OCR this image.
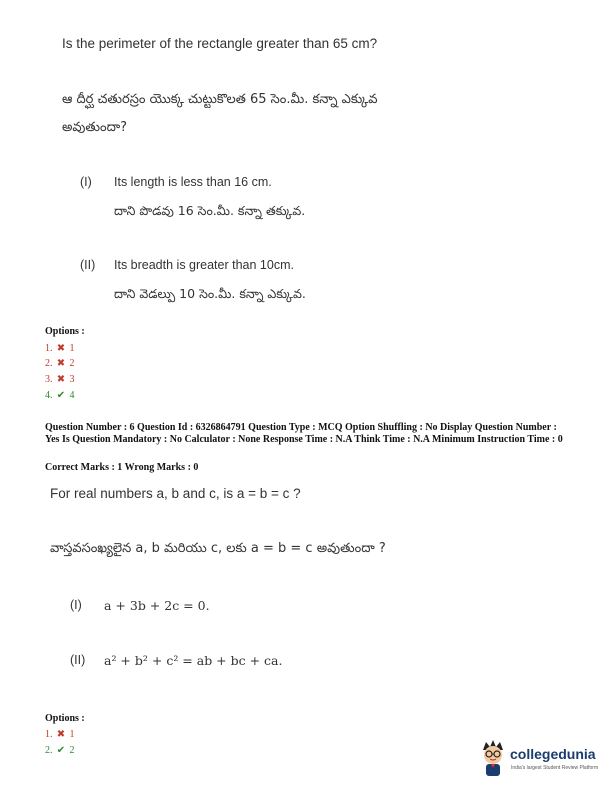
Is the perimeter of the rectangle greater than 65 cm?
ఆ దీర్ఘ చతురస్రం యొక్క చుట్టుకొలత 65 సెం.మీ. కన్నా ఎక్కువ
అవుతుందా?
(I) Its length is less than 16 cm.
దాని పొడవు 16 సెం.మీ. కన్నా తక్కువ.
(II) Its breadth is greater than 10cm.
దాని వెడల్పు 10 సెం.మీ. కన్నా ఎక్కువ.
Options :
1. ✖ 1
2. ✖ 2
3. ✖ 3
4. ✔ 4
Question Number : 6 Question Id : 6326864791 Question Type : MCQ Option Shuffling : No Display Question Number : Yes Is Question Mandatory : No Calculator : None Response Time : N.A Think Time : N.A Minimum Instruction Time : 0
Correct Marks : 1 Wrong Marks : 0
For real numbers a, b and c, is a = b = c ?
వాస్తవసంఖ్యలైన a, b మరియు c, లకు a = b = c అవుతుందా ?
(I) a + 3b + 2c = 0.
(II) a² + b² + c² = ab + bc + ca.
Options :
1. ✖ 1
2. ✔ 2	collegedunia
India's largest Student Review Platform
